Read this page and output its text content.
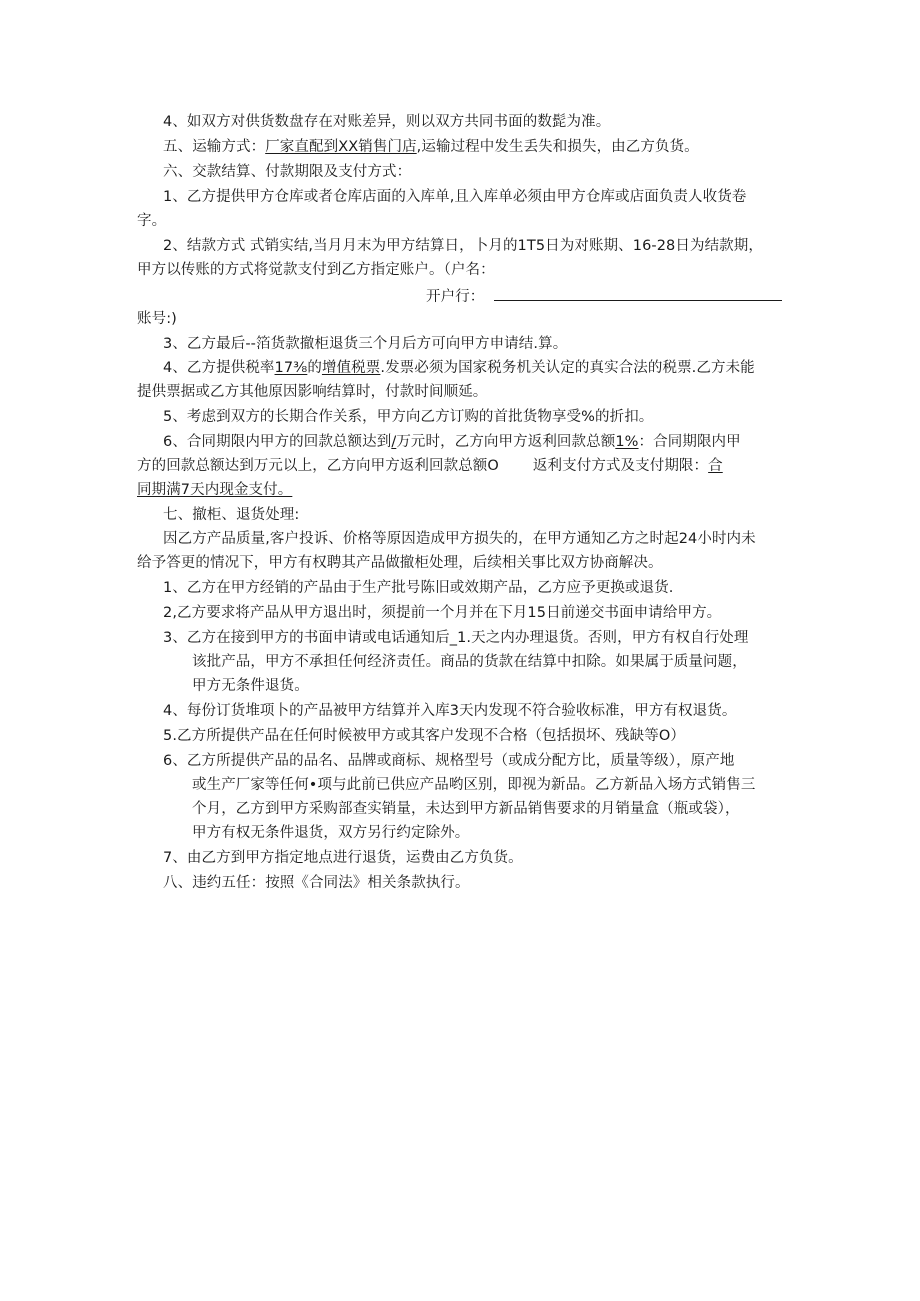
4、如双方对供货数盘存在对账差异，则以双方共同书面的数髭为准。
五、运输方式：厂家直配到XX销售门店,运输过程中发生丢失和损失，由乙方负货。
六、交款结算、付款期限及支付方式：
1、乙方提供甲方仓库或者仓库店面的入库单,且入库单必须由甲方仓库或店面负责人收货卷
字。
2、结款方式 式销实结,当月月末为甲方结算日，卜月的1T5日为对账期、16-28日为结款期，
甲方以传账的方式将觉款支付到乙方指定账户。（户名：
开户行：
账号:)
3、乙方最后--箔货款撤柜退货三个月后方可向甲方申请结.算。
4、乙方提供税率17⅜的增值税票.发票必须为国家税务机关认定的真实合法的税票.乙方未能
提供票据或乙方其他原因影响结算时，付款时间顺延。
5、考虑到双方的长期合作关系，甲方向乙方订购的首批货物享受%的折扣。
6、合同期限内甲方的回款总额达到/万元时，乙方向甲方返利回款总额1%：合同期限内甲
方的回款总额达到万元以上，乙方向甲方返利回款总额O 返利支付方式及支付期限：合
同期满7天内现金支付。
七、撤柜、退货处理:
因乙方产品质量,客户投诉、价格等原因造成甲方损失的，在甲方通知乙方之时起24小时内未
给予答更的情况下，甲方有权聘其产品做撤柜处理，后续相关事比双方协商解决。
1、乙方在甲方经销的产品由于生产批号陈旧或效期产品，乙方应予更换或退货.
2,乙方要求将产品从甲方退出时，须提前一个月并在下月15日前递交书面申请给甲方。
3、乙方在接到甲方的书面申请或电话通知后_1.天之内办理退货。否则，甲方有权自行处理
该批产品，甲方不承担任何经济责任。商品的货款在结算中扣除。如果属于质量问题，
甲方无条件退货。
4、每份订货堆项卜的产品被甲方结算并入库3天内发现不符合验收标准，甲方有权退货。
5.乙方所提供产品在任何时候被甲方或其客户发现不合格（包括损坏、残缺等O）
6、乙方所提供产品的品名、品牌或商标、规格型号（或成分配方比，质量等级），原产地
或生产厂家等任何•项与此前已供应产品哟区别，即视为新品。乙方新品入场方式销售三
个月，乙方到甲方采购部查实销量，未达到甲方新品销售要求的月销量盒（瓶或袋），
甲方有权无条件退货，双方另行约定除外。
7、由乙方到甲方指定地点进行退货，运费由乙方负货。
八、违约五任：按照《合同法》相关条款执行。
